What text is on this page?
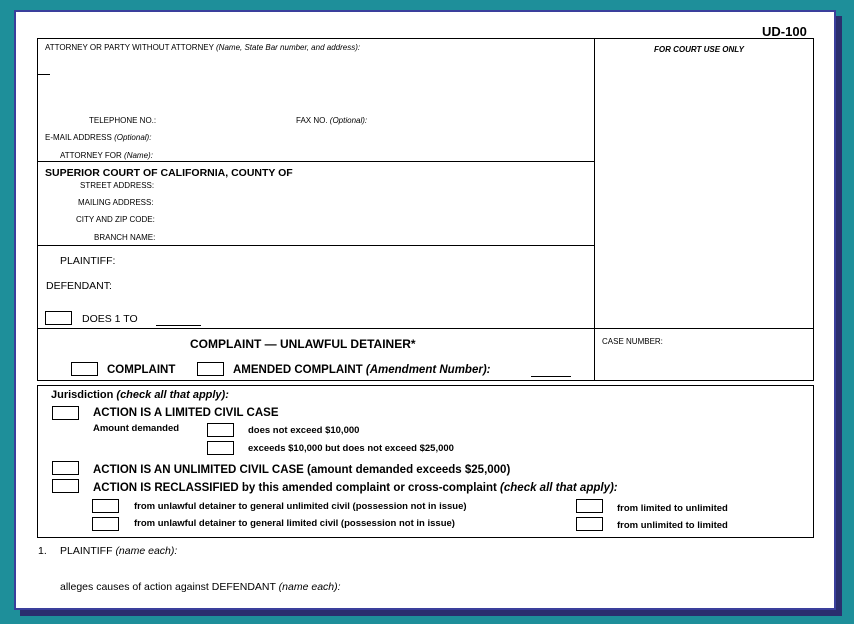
UD-100
ATTORNEY OR PARTY WITHOUT ATTORNEY (Name, State Bar number, and address):
TELEPHONE NO.:	FAX NO. (Optional):
E-MAIL ADDRESS (Optional):
ATTORNEY FOR (Name):
FOR COURT USE ONLY
SUPERIOR COURT OF CALIFORNIA, COUNTY OF
STREET ADDRESS:
MAILING ADDRESS:
CITY AND ZIP CODE:
BRANCH NAME:
PLAINTIFF:
DEFENDANT:
DOES 1 TO
COMPLAINT — UNLAWFUL DETAINER*
COMPLAINT	AMENDED COMPLAINT (Amendment Number):
CASE NUMBER:
Jurisdiction (check all that apply):
ACTION IS A LIMITED CIVIL CASE
Amount demanded	does not exceed $10,000
exceeds $10,000 but does not exceed $25,000
ACTION IS AN UNLIMITED CIVIL CASE (amount demanded exceeds $25,000)
ACTION IS RECLASSIFIED by this amended complaint or cross-complaint (check all that apply):
from unlawful detainer to general unlimited civil (possession not in issue)
from unlawful detainer to general limited civil (possession not in issue)
from limited to unlimited
from unlimited to limited
1. PLAINTIFF (name each):
alleges causes of action against DEFENDANT (name each):
